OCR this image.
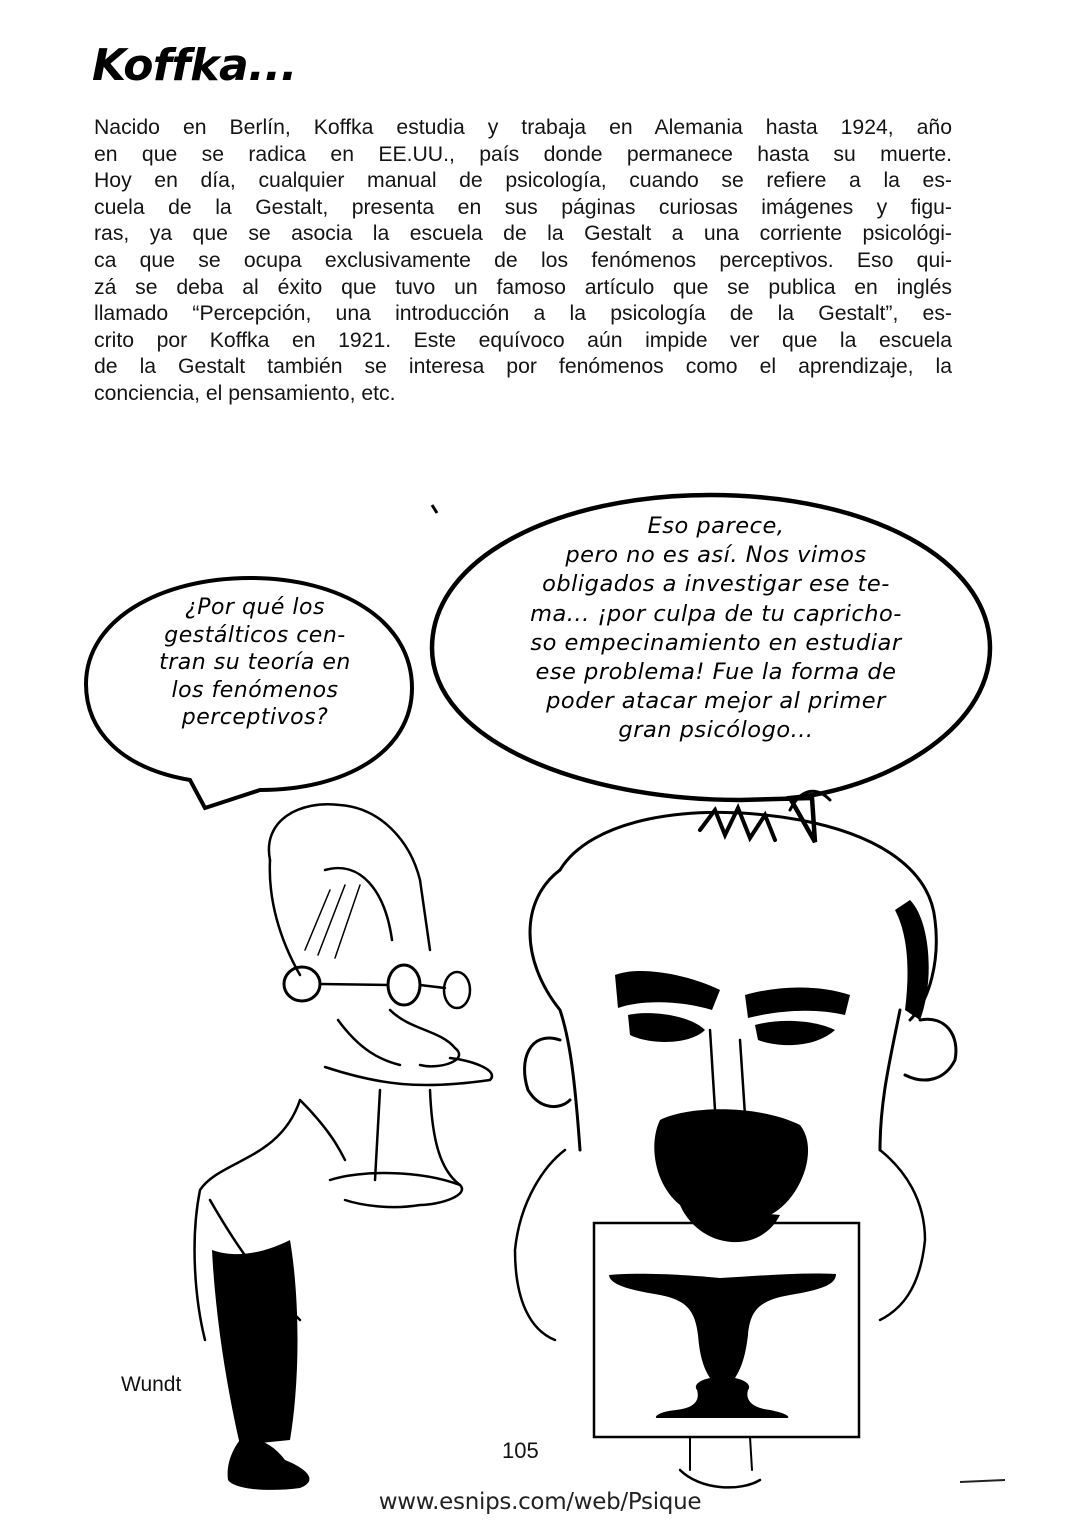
Koffka...
Nacido en Berlín, Koffka estudia y trabaja en Alemania hasta 1924, año
en que se radica en EE.UU., país donde permanece hasta su muerte.
Hoy en día, cualquier manual de psicología, cuando se refiere a la es-
cuela de la Gestalt, presenta en sus páginas curiosas imágenes y figu-
ras, ya que se asocia la escuela de la Gestalt a una corriente psicológi-
ca que se ocupa exclusivamente de los fenómenos perceptivos. Eso qui-
zá se deba al éxito que tuvo un famoso artículo que se publica en inglés
llamado “Percepción, una introducción a la psicología de la Gestalt”, es-
crito por Koffka en 1921. Este equívoco aún impide ver que la escuela
de la Gestalt también se interesa por fenómenos como el aprendizaje, la
conciencia, el pensamiento, etc.
¿Por qué los
gestálticos cen-
tran su teoría en
los fenómenos
perceptivos?
Eso parece,
pero no es así. Nos vimos
obligados a investigar ese te-
ma... ¡por culpa de tu capricho-
so empecinamiento en estudiar
ese problema! Fue la forma de
poder atacar mejor al primer
gran psicólogo...
Wundt
105
www.esnips.com/web/Psique
